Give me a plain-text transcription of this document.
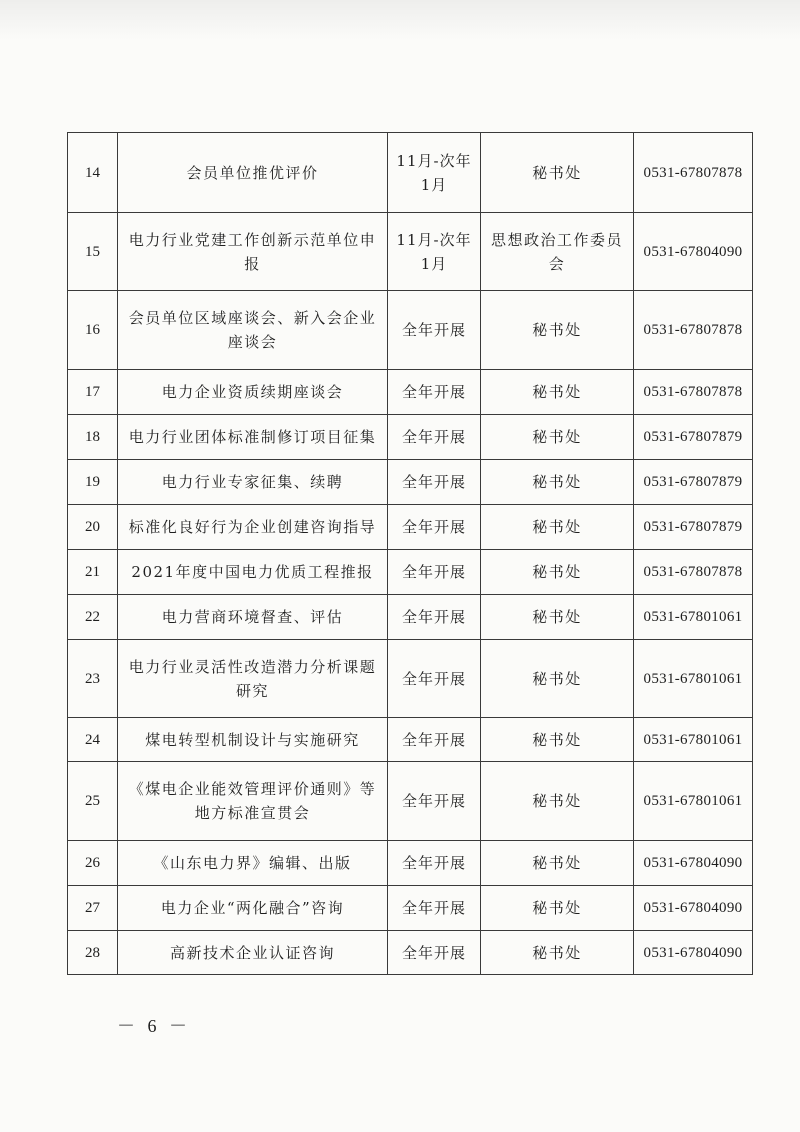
14	会员单位推优评价	11月-次年1月	秘书处	0531-67807878
15	电力行业党建工作创新示范单位申报	11月-次年1月	思想政治工作委员会	0531-67804090
16	会员单位区域座谈会、新入会企业座谈会	全年开展	秘书处	0531-67807878
17	电力企业资质续期座谈会	全年开展	秘书处	0531-67807878
18	电力行业团体标准制修订项目征集	全年开展	秘书处	0531-67807879
19	电力行业专家征集、续聘	全年开展	秘书处	0531-67807879
20	标准化良好行为企业创建咨询指导	全年开展	秘书处	0531-67807879
21	2021年度中国电力优质工程推报	全年开展	秘书处	0531-67807878
22	电力营商环境督查、评估	全年开展	秘书处	0531-67801061
23	电力行业灵活性改造潜力分析课题研究	全年开展	秘书处	0531-67801061
24	煤电转型机制设计与实施研究	全年开展	秘书处	0531-67801061
25	《煤电企业能效管理评价通则》等地方标准宣贯会	全年开展	秘书处	0531-67801061
26	《山东电力界》编辑、出版	全年开展	秘书处	0531-67804090
27	电力企业“两化融合”咨询	全年开展	秘书处	0531-67804090
28	高新技术企业认证咨询	全年开展	秘书处	0531-67804090
－ 6 －
